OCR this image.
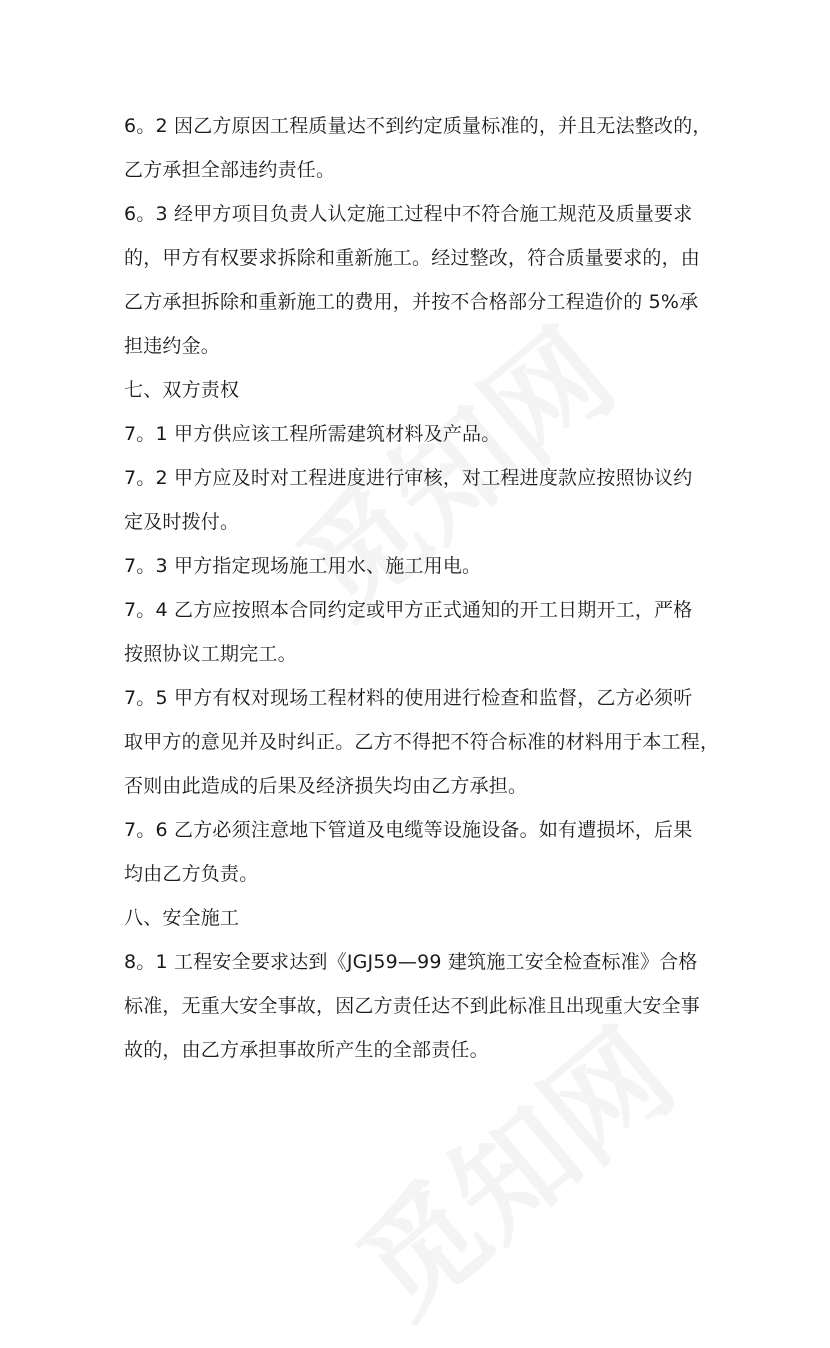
6。2 因乙方原因工程质量达不到约定质量标准的，并且无法整改的，
乙方承担全部违约责任。
6。3 经甲方项目负责人认定施工过程中不符合施工规范及质量要求
的，甲方有权要求拆除和重新施工。经过整改，符合质量要求的，由
乙方承担拆除和重新施工的费用，并按不合格部分工程造价的 5%承
担违约金。
七、双方责权
7。1 甲方供应该工程所需建筑材料及产品。
7。2 甲方应及时对工程进度进行审核，对工程进度款应按照协议约
定及时拨付。
7。3 甲方指定现场施工用水、施工用电。
7。4 乙方应按照本合同约定或甲方正式通知的开工日期开工，严格
按照协议工期完工。
7。5 甲方有权对现场工程材料的使用进行检查和监督，乙方必须听
取甲方的意见并及时纠正。乙方不得把不符合标准的材料用于本工程，
否则由此造成的后果及经济损失均由乙方承担。
7。6 乙方必须注意地下管道及电缆等设施设备。如有遭损坏，后果
均由乙方负责。
八、安全施工
8。1 工程安全要求达到《JGJ59—99 建筑施工安全检查标准》合格
标准，无重大安全事故，因乙方责任达不到此标准且出现重大安全事
故的，由乙方承担事故所产生的全部责任。
